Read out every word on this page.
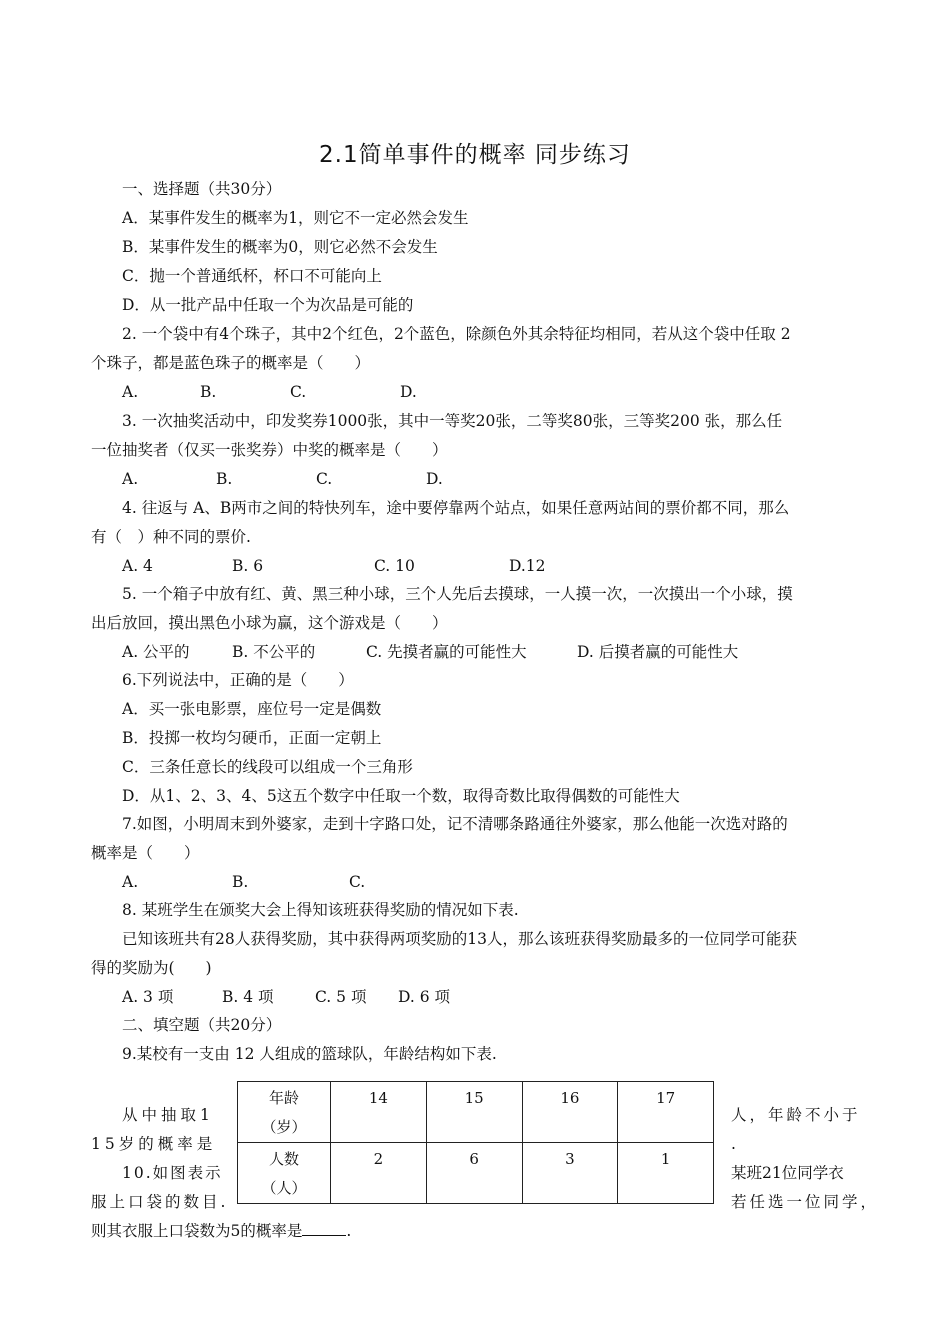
2.1简单事件的概率 同步练习
一、选择题（共30分）
A．某事件发生的概率为1，则它不一定必然会发生
B．某事件发生的概率为0，则它必然不会发生
C．抛一个普通纸杯，杯口不可能向上
D．从一批产品中任取一个为次品是可能的
2. 一个袋中有4个珠子，其中2个红色，2个蓝色，除颜色外其余特征均相同，若从这个袋中任取 2
个珠子，都是蓝色珠子的概率是（　　）
A.	B.	C.	D.
3. 一次抽奖活动中，印发奖券1000张，其中一等奖20张，二等奖80张，三等奖200 张，那么任
一位抽奖者（仅买一张奖券）中奖的概率是（　　）
A.	B.	C.	D.
4. 往返与 A、B两市之间的特快列车，途中要停靠两个站点，如果任意两站间的票价都不同，那么
有（　）种不同的票价.
A. 4	B. 6	C. 10	D.12
5. 一个箱子中放有红、黄、黑三种小球，三个人先后去摸球，一人摸一次，一次摸出一个小球，摸
出后放回，摸出黑色小球为赢，这个游戏是（　　）
A. 公平的	B. 不公平的	C. 先摸者赢的可能性大	D. 后摸者赢的可能性大
6.下列说法中，正确的是（　　）
A．买一张电影票，座位号一定是偶数
B．投掷一枚均匀硬币，正面一定朝上
C．三条任意长的线段可以组成一个三角形
D．从1、2、3、4、5这五个数字中任取一个数，取得奇数比取得偶数的可能性大
7.如图，小明周末到外婆家，走到十字路口处，记不清哪条路通往外婆家，那么他能一次选对路的
概率是（　　）
A.	B.	C.
8. 某班学生在颁奖大会上得知该班获得奖励的情况如下表.
已知该班共有28人获得奖励，其中获得两项奖励的13人，那么该班获得奖励最多的一位同学可能获
得的奖励为(　　)
A. 3 项	B. 4 项	C. 5 项 D. 6 项
二、填空题（共20分）
9.某校有一支由 12 人组成的篮球队，年龄结构如下表.
从中抽取1
15岁的概率是
人，年龄不小于
.
10.如图表示
服上口袋的数目.
某班21位同学衣
若任选一位同学，
则其衣服上口袋数为5的概率是	.
年龄
（岁）	14	15	16	17

人数
（人）	2	6	3	1
